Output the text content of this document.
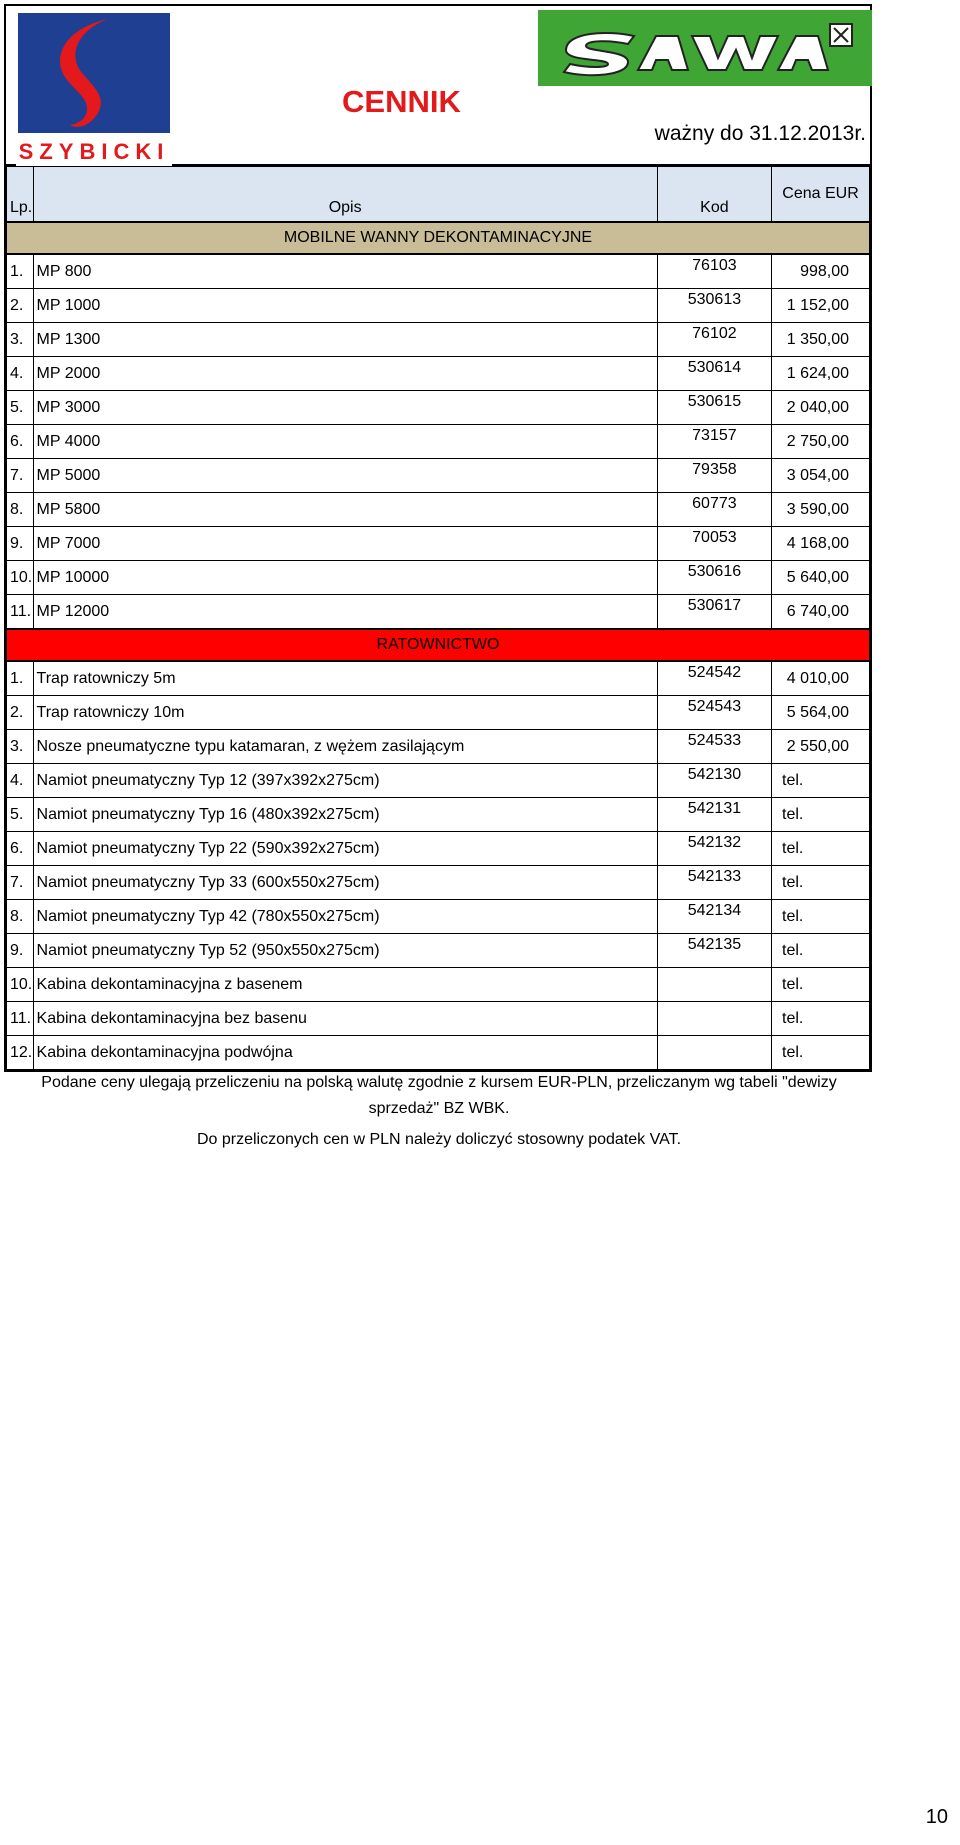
SZYBICKI
CENNIK
ważny do 31.12.2013r.
Lp.	Opis	Kod	Cena EUR
MOBILNE WANNY DEKONTAMINACYJNE			
1.	MP 800	76103	998,00
2.	MP 1000	530613	1 152,00
3.	MP 1300	76102	1 350,00
4.	MP 2000	530614	1 624,00
5.	MP 3000	530615	2 040,00
6.	MP 4000	73157	2 750,00
7.	MP 5000	79358	3 054,00
8.	MP 5800	60773	3 590,00
9.	MP 7000	70053	4 168,00
10.	MP 10000	530616	5 640,00
11.	MP 12000	530617	6 740,00
RATOWNICTWO			
1.	Trap ratowniczy 5m	524542	4 010,00
2.	Trap ratowniczy 10m	524543	5 564,00
3.	Nosze pneumatyczne typu katamaran, z wężem zasilającym	524533	2 550,00
4.	Namiot pneumatyczny Typ 12 (397x392x275cm)	542130	tel.
5.	Namiot pneumatyczny Typ 16 (480x392x275cm)	542131	tel.
6.	Namiot pneumatyczny Typ 22 (590x392x275cm)	542132	tel.
7.	Namiot pneumatyczny Typ 33 (600x550x275cm)	542133	tel.
8.	Namiot pneumatyczny Typ 42 (780x550x275cm)	542134	tel.
9.	Namiot pneumatyczny Typ 52 (950x550x275cm)	542135	tel.
10.	Kabina dekontaminacyjna z basenem		tel.
11.	Kabina dekontaminacyjna bez basenu		tel.
12.	Kabina dekontaminacyjna podwójna		tel.
Podane ceny ulegają przeliczeniu na polską walutę zgodnie z kursem EUR-PLN, przeliczanym wg tabeli "dewizy sprzedaż" BZ WBK.
Do przeliczonych cen w PLN należy doliczyć stosowny podatek VAT.
10
